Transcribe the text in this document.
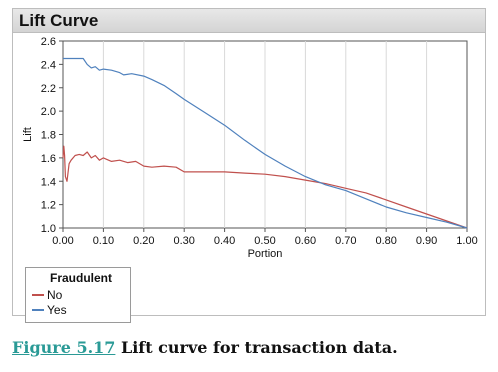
Lift Curve
0.00 0.10 0.20 0.30 0.40 0.50 0.60 0.70 0.80 0.90 1.00
1.0
1.2
1.4
1.6
1.8
2.0
2.2
2.4
2.6
Portion
Lift
Fraudulent
No
Yes
Figure 5.17 Lift curve for transaction data.
